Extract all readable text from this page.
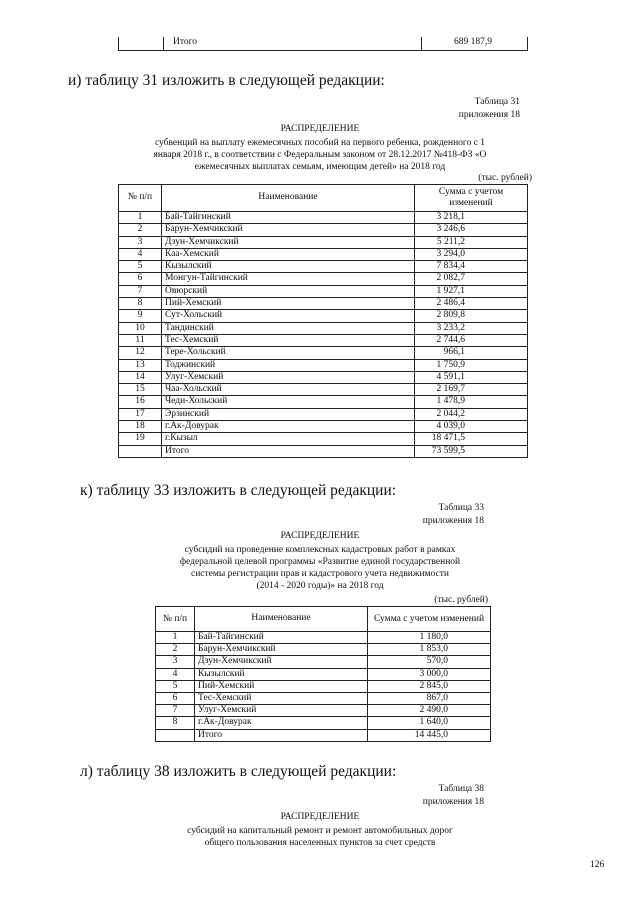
Итого	689 187,9
и) таблицу 31 изложить в следующей редакции:
Таблица 31
приложения 18
РАСПРЕДЕЛЕНИЕ
субвенций на выплату ежемесячных пособий на первого ребенка, рожденного с 1
января 2018 г., в соответствии с Федеральным законом от 28.12.2017 №418-ФЗ «О
ежемесячных выплатах семьям, имеющим детей» на 2018 год
(тыс. рублей)
№ п/п	Наименование	Сумма с учетом изменений
1	Бай-Тайгинский	3 218,1
2	Барун-Хемчикский	3 246,6
3	Дзун-Хемчикский	5 211,2
4	Каа-Хемский	3 294,0
5	Кызылский	7 834,4
6	Монгун-Тайгинский	2 082,7
7	Овюрский	1 927,1
8	Пий-Хемский	2 486,4
9	Сут-Хольский	2 809,8
10	Тандинский	3 233,2
11	Тес-Хемский	2 744,6
12	Тере-Хольский	966,1
13	Тоджинский	1 750,9
14	Улуг-Хемский	4 591,1
15	Чаа-Хольский	2 169,7
16	Чеди-Хольский	1 478,9
17	Эрзинский	2 044,2
18	г.Ак-Довурак	4 039,0
19	г.Кызыл	18 471,5
	Итого	73 599,5
к) таблицу 33 изложить в следующей редакции:
Таблица 33
приложения 18
РАСПРЕДЕЛЕНИЕ
субсидий на проведение комплексных кадастровых работ в рамках
федеральной целевой программы «Развитие единой государственной
системы регистрации прав и кадастрового учета недвижимости
(2014 - 2020 годы)» на 2018 год
(тыс. рублей)
№ п/п	Наименование	Сумма с учетом изменений
1	Бай-Тайгинский	1 180,0
2	Барун-Хемчикский	1 853,0
3	Дзун-Хемчикский	570,0
4	Кызылский	3 000,0
5	Пий-Хемский	2 845,0
6	Тес-Хемский	867,0
7	Улуг-Хемский	2 490,0
8	г.Ак-Довурак	1 640,0
	Итого	14 445,0
л) таблицу 38 изложить в следующей редакции:
Таблица 38
приложения 18
РАСПРЕДЕЛЕНИЕ
субсидий на капитальный ремонт и ремонт автомобильных дорог
общего пользования населенных пунктов за счет средств
126
